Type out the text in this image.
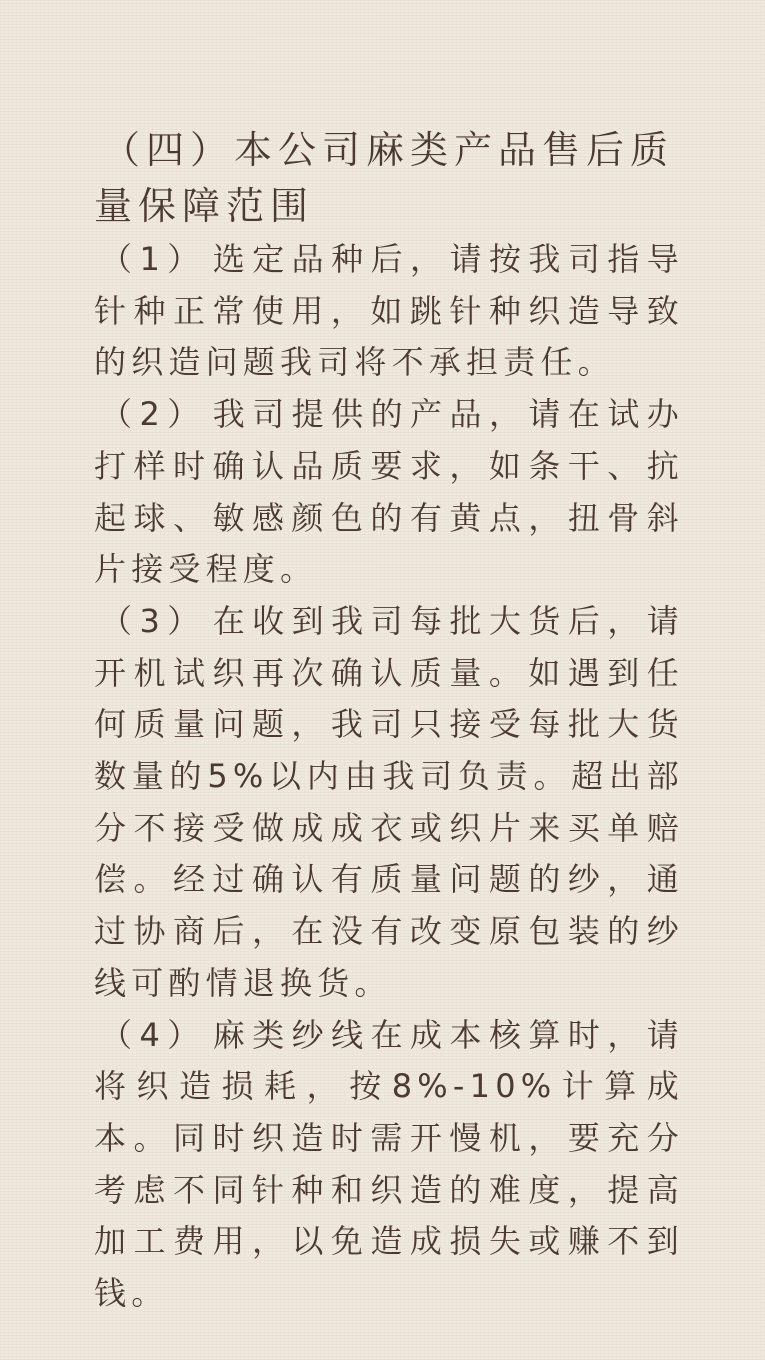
（四）本公司麻类产品售后质量保障范围

（1） 选定品种后，请按我司指导针种正常使用，如跳针种织造导致的织造问题我司将不承担责任。

（2） 我司提供的产品，请在试办打样时确认品质要求，如条干、抗起球、敏感颜色的有黄点，扭骨斜片接受程度。

（3） 在收到我司每批大货后，请开机试织再次确认质量。如遇到任何质量问题，我司只接受每批大货数量的5%以内由我司负责。超出部分不接受做成成衣或织片来买单赔偿。经过确认有质量问题的纱，通过协商后，在没有改变原包装的纱线可酌情退换货。

（4） 麻类纱线在成本核算时，请将织造损耗，按8%-10%计算成本。同时织造时需开慢机，要充分考虑不同针种和织造的难度，提高加工费用，以免造成损失或赚不到钱。
